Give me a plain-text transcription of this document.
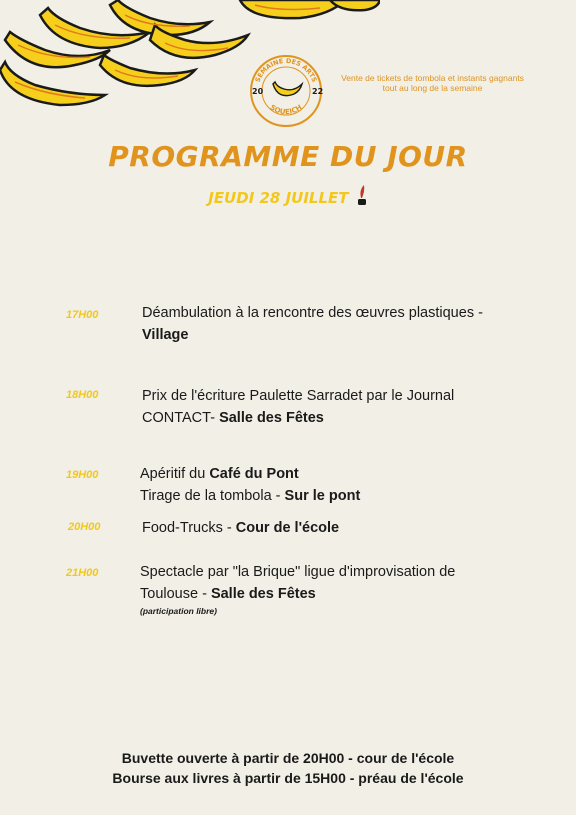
SEMAINE DES ARTS
SOUEICH
20	22
Vente de tickets de tombola et instants gagnants
tout au long de la semaine
PROGRAMME DU JOUR
JEUDI 28 JUILLET
17H00	Déambulation à la rencontre des œuvres plastiques -
Village
18H00	Prix de l'écriture Paulette Sarradet par le Journal
CONTACT- Salle des Fêtes
19H00	Apéritif du Café du Pont
Tirage de la tombola - Sur le pont
20H00	Food-Trucks - Cour de l'école
21H00	Spectacle par "la Brique" ligue d'improvisation de
Toulouse - Salle des Fêtes
(participation libre)
Buvette ouverte à partir de 20H00 - cour de l'école
Bourse aux livres à partir de 15H00 - préau de l'école
